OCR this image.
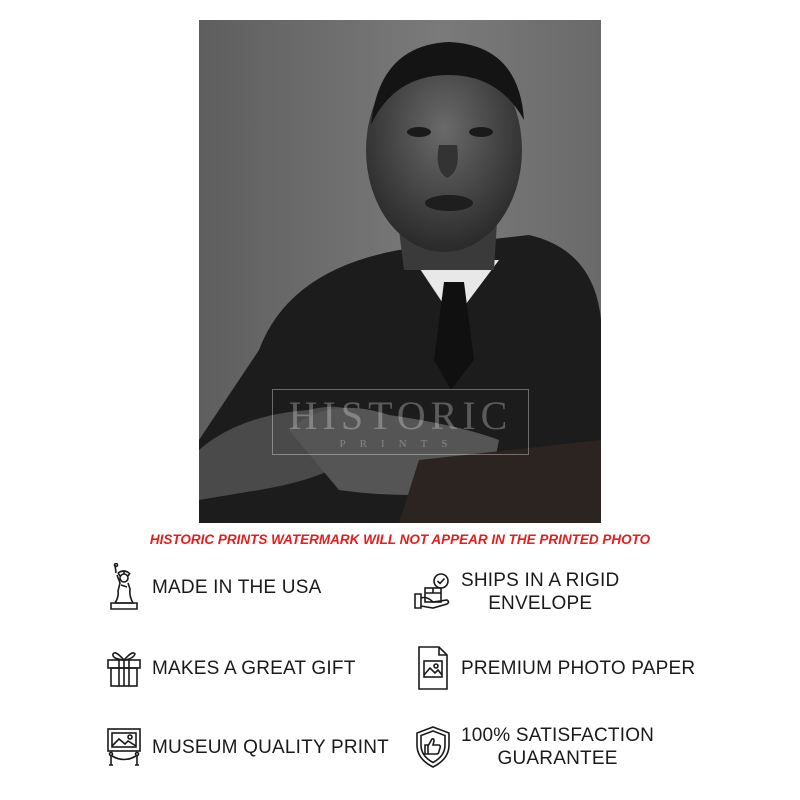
HISTORIC
PRINTS
HISTORIC PRINTS WATERMARK WILL NOT APPEAR IN THE PRINTED PHOTO
MADE IN THE USA	SHIPS IN A RIGID
ENVELOPE
MAKES A GREAT GIFT	PREMIUM PHOTO PAPER
MUSEUM QUALITY PRINT
100% SATISFACTION
GUARANTEE
